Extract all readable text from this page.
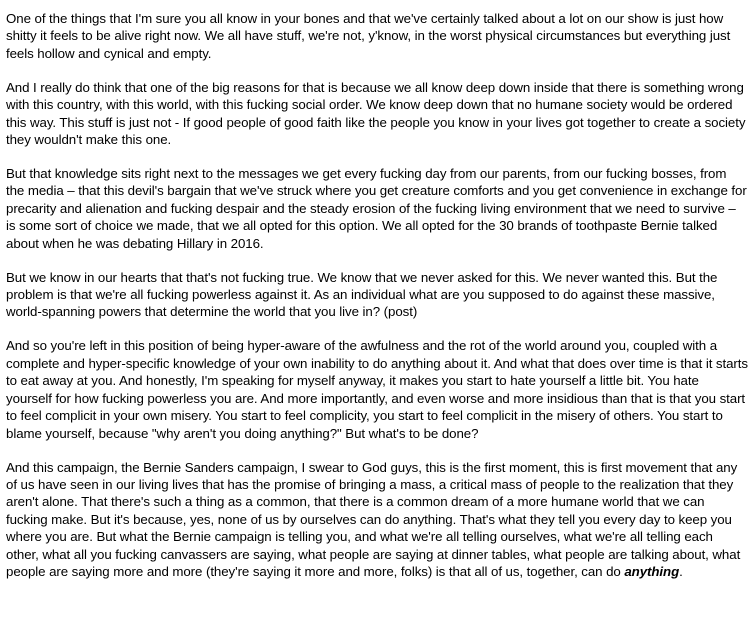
One of the things that I'm sure you all know in your bones and that we've certainly talked about a lot on our show is just how shitty it feels to be alive right now. We all have stuff, we're not, y'know, in the worst physical circumstances but everything just feels hollow and cynical and empty.

And I really do think that one of the big reasons for that is because we all know deep down inside that there is something wrong with this country, with this world, with this fucking social order. We know deep down that no humane society would be ordered this way. This stuff is just not - If good people of good faith like the people you know in your lives got together to create a society they wouldn't make this one.

But that knowledge sits right next to the messages we get every fucking day from our parents, from our fucking bosses, from the media – that this devil's bargain that we've struck where you get creature comforts and you get convenience in exchange for precarity and alienation and fucking despair and the steady erosion of the fucking living environment that we need to survive – is some sort of choice we made, that we all opted for this option. We all opted for the 30 brands of toothpaste Bernie talked about when he was debating Hillary in 2016.

But we know in our hearts that that's not fucking true. We know that we never asked for this. We never wanted this. But the problem is that we're all fucking powerless against it. As an individual what are you supposed to do against these massive, world-spanning powers that determine the world that you live in? (post)

And so you're left in this position of being hyper-aware of the awfulness and the rot of the world around you, coupled with a complete and hyper-specific knowledge of your own inability to do anything about it. And what that does over time is that it starts to eat away at you. And honestly, I'm speaking for myself anyway, it makes you start to hate yourself a little bit. You hate yourself for how fucking powerless you are. And more importantly, and even worse and more insidious than that is that you start to feel complicit in your own misery. You start to feel complicity, you start to feel complicit in the misery of others. You start to blame yourself, because "why aren't you doing anything?" But what's to be done?

And this campaign, the Bernie Sanders campaign, I swear to God guys, this is the first moment, this is first movement that any of us have seen in our living lives that has the promise of bringing a mass, a critical mass of people to the realization that they aren't alone. That there's such a thing as a common, that there is a common dream of a more humane world that we can fucking make. But it's because, yes, none of us by ourselves can do anything. That's what they tell you every day to keep you where you are. But what the Bernie campaign is telling you, and what we're all telling ourselves, what we're all telling each other, what all you fucking canvassers are saying, what people are saying at dinner tables, what people are talking about, what people are saying more and more (they're saying it more and more, folks) is that all of us, together, can do anything.
